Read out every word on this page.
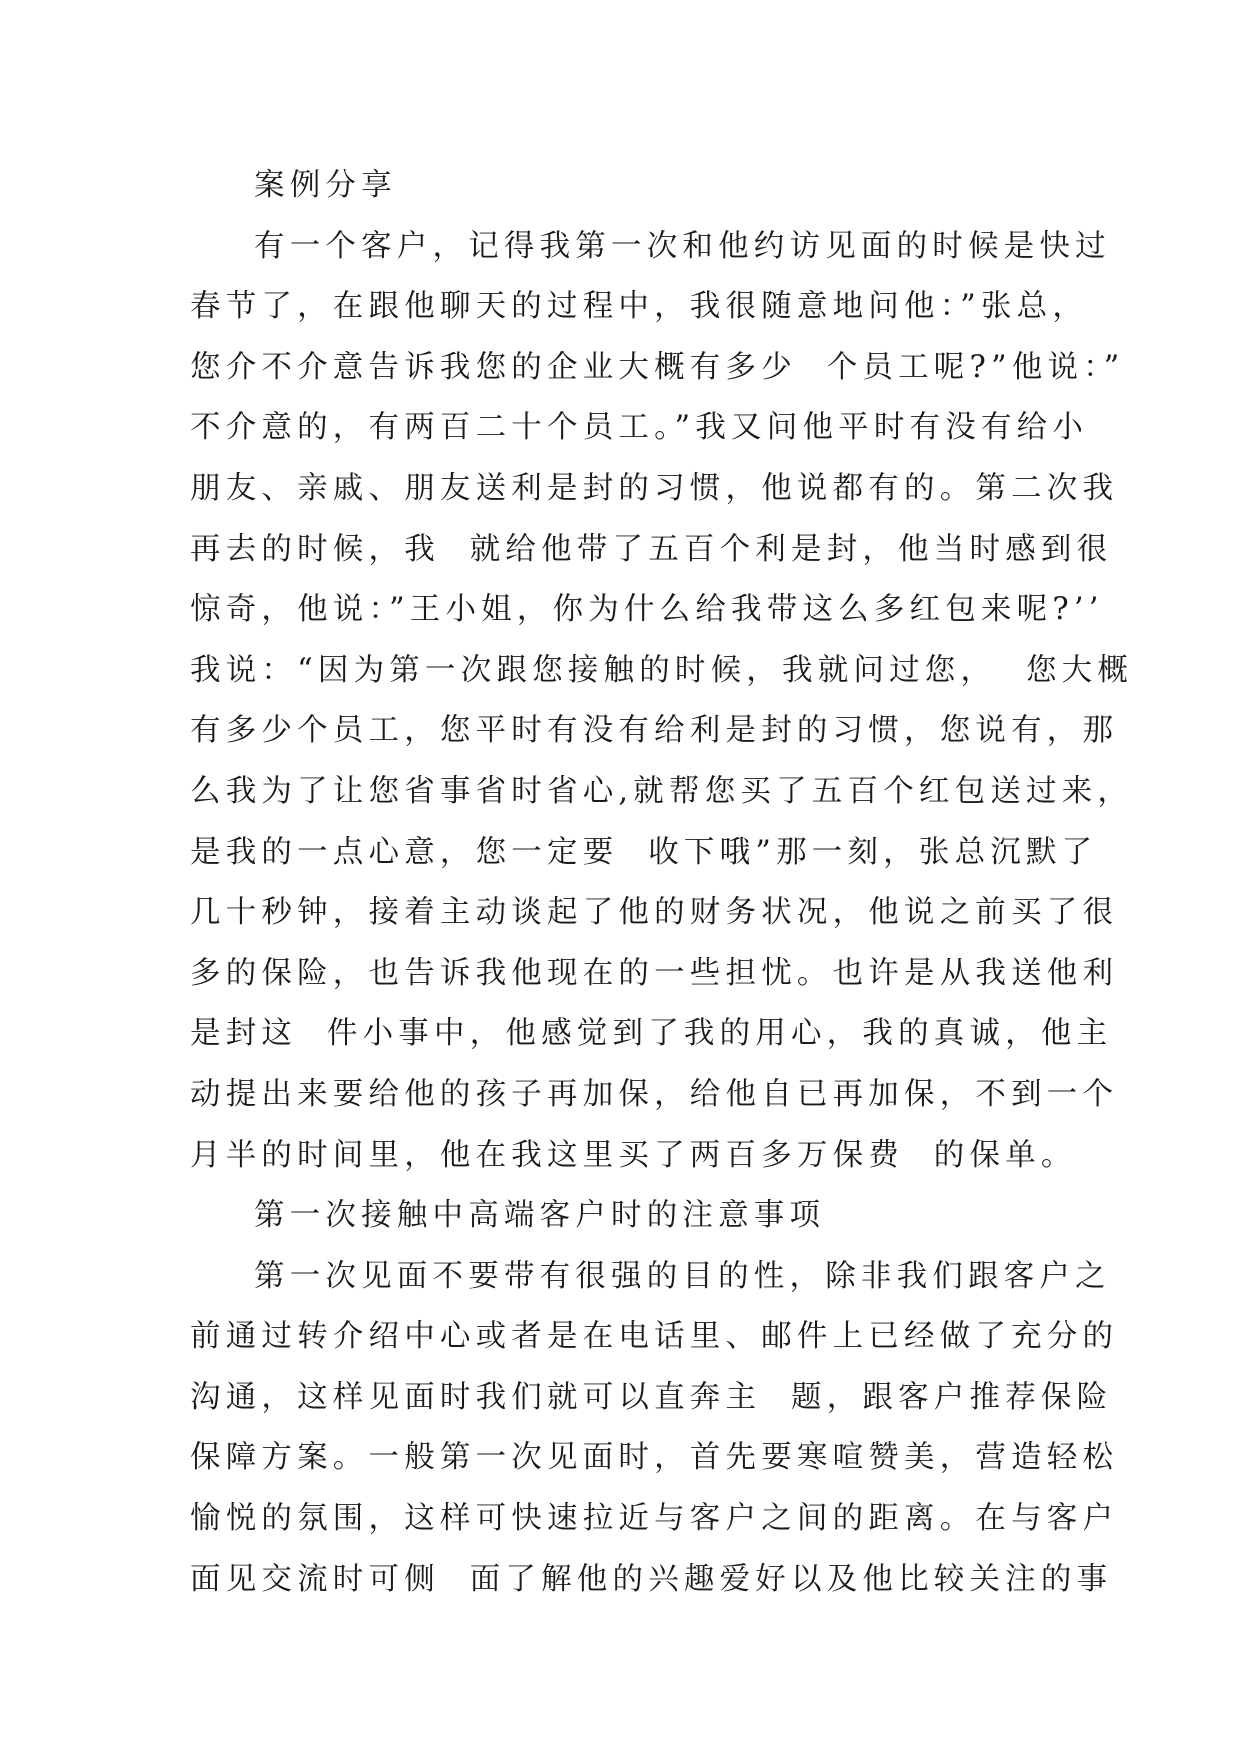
案例分享
有一个客户，记得我第一次和他约访见面的时候是快过
春节了，在跟他聊天的过程中，我很随意地问他：”张总，
您介不介意告诉我您的企业大概有多少  个员工呢?”他说：”
不介意的，有两百二十个员工。”我又问他平时有没有给小
朋友、亲戚、朋友送利是封的习惯，他说都有的。第二次我
再去的时候，我  就给他带了五百个利是封，他当时感到很
惊奇，他说：”王小姐，你为什么给我带这么多红包来呢?’’
我说：“因为第一次跟您接触的时候，我就问过您，  您大概
有多少个员工，您平时有没有给利是封的习惯，您说有，那
么我为了让您省事省时省心,就帮您买了五百个红包送过来，
是我的一点心意，您一定要  收下哦”那一刻，张总沉默了
几十秒钟，接着主动谈起了他的财务状况，他说之前买了很
多的保险，也告诉我他现在的一些担忧。也许是从我送他利
是封这  件小事中，他感觉到了我的用心，我的真诚，他主
动提出来要给他的孩子再加保，给他自已再加保，不到一个
月半的时间里，他在我这里买了两百多万保费  的保单。
第一次接触中高端客户时的注意事项
第一次见面不要带有很强的目的性，除非我们跟客户之
前通过转介绍中心或者是在电话里、邮件上已经做了充分的
沟通，这样见面时我们就可以直奔主  题，跟客户推荐保险
保障方案。一般第一次见面时，首先要寒喧赞美，营造轻松
愉悦的氛围，这样可快速拉近与客户之间的距离。在与客户
面见交流时可侧  面了解他的兴趣爱好以及他比较关注的事
